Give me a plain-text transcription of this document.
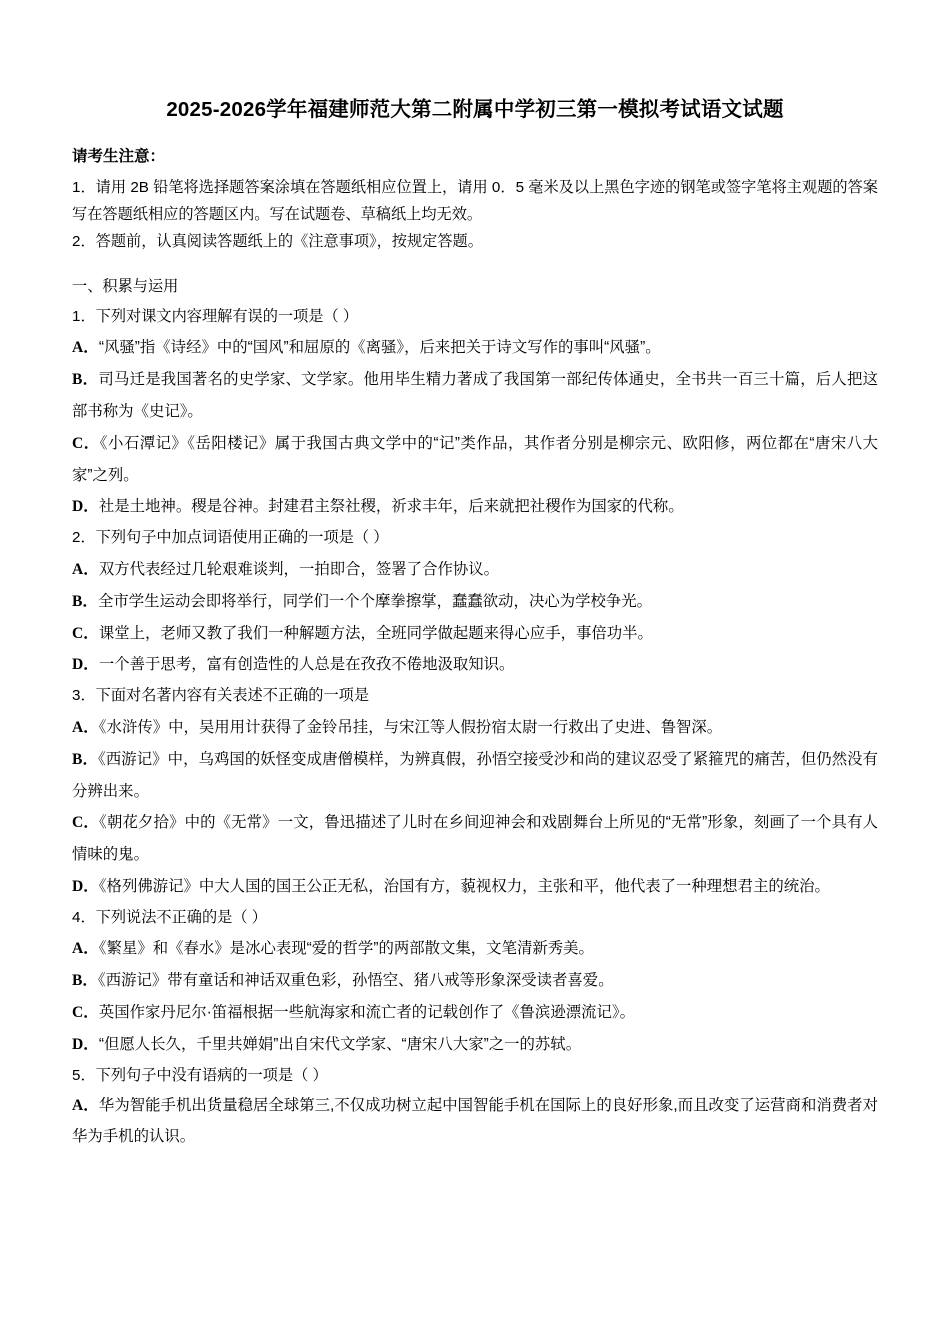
2025-2026学年福建师范大第二附属中学初三第一模拟考试语文试题

请考生注意：

1．请用 2B 铅笔将选择题答案涂填在答题纸相应位置上，请用 0．5 毫米及以上黑色字迹的钢笔或签字笔将主观题的答案写在答题纸相应的答题区内。写在试题卷、草稿纸上均无效。

2．答题前，认真阅读答题纸上的《注意事项》，按规定答题。

一、积累与运用

1．下列对课文内容理解有误的一项是（ ）

A．“风骚”指《诗经》中的“国风”和屈原的《离骚》，后来把关于诗文写作的事叫“风骚”。

B．司马迁是我国著名的史学家、文学家。他用毕生精力著成了我国第一部纪传体通史，全书共一百三十篇，后人把这部书称为《史记》。

C．《小石潭记》《岳阳楼记》属于我国古典文学中的“记”类作品，其作者分别是柳宗元、欧阳修，两位都在“唐宋八大家”之列。

D．社是土地神。稷是谷神。封建君主祭社稷，祈求丰年，后来就把社稷作为国家的代称。

2．下列句子中加点词语使用正确的一项是（ ）

A．双方代表经过几轮艰难谈判，一拍即合，签署了合作协议。

B．全市学生运动会即将举行，同学们一个个摩拳擦掌，蠢蠢欲动，决心为学校争光。

C．课堂上，老师又教了我们一种解题方法，全班同学做起题来得心应手，事倍功半。

D．一个善于思考，富有创造性的人总是在孜孜不倦地汲取知识。

3．下面对名著内容有关表述不正确的一项是

A．《水浒传》中，吴用用计获得了金铃吊挂，与宋江等人假扮宿太尉一行救出了史进、鲁智深。

B．《西游记》中，乌鸡国的妖怪变成唐僧模样，为辨真假，孙悟空接受沙和尚的建议忍受了紧箍咒的痛苦，但仍然没有分辨出来。

C．《朝花夕拾》中的《无常》一文，鲁迅描述了儿时在乡间迎神会和戏剧舞台上所见的“无常”形象，刻画了一个具有人情味的鬼。

D．《格列佛游记》中大人国的国王公正无私，治国有方，藐视权力，主张和平，他代表了一种理想君主的统治。

4．下列说法不正确的是（ ）

A．《繁星》和《春水》是冰心表现“爱的哲学”的两部散文集，文笔清新秀美。

B．《西游记》带有童话和神话双重色彩，孙悟空、猪八戒等形象深受读者喜爱。

C．英国作家丹尼尔·笛福根据一些航海家和流亡者的记载创作了《鲁滨逊漂流记》。

D．“但愿人长久，千里共婵娟”出自宋代文学家、“唐宋八大家”之一的苏轼。

5．下列句子中没有语病的一项是（ ）

A．华为智能手机出货量稳居全球第三,不仅成功树立起中国智能手机在国际上的良好形象,而且改变了运营商和消费者对华为手机的认识。
